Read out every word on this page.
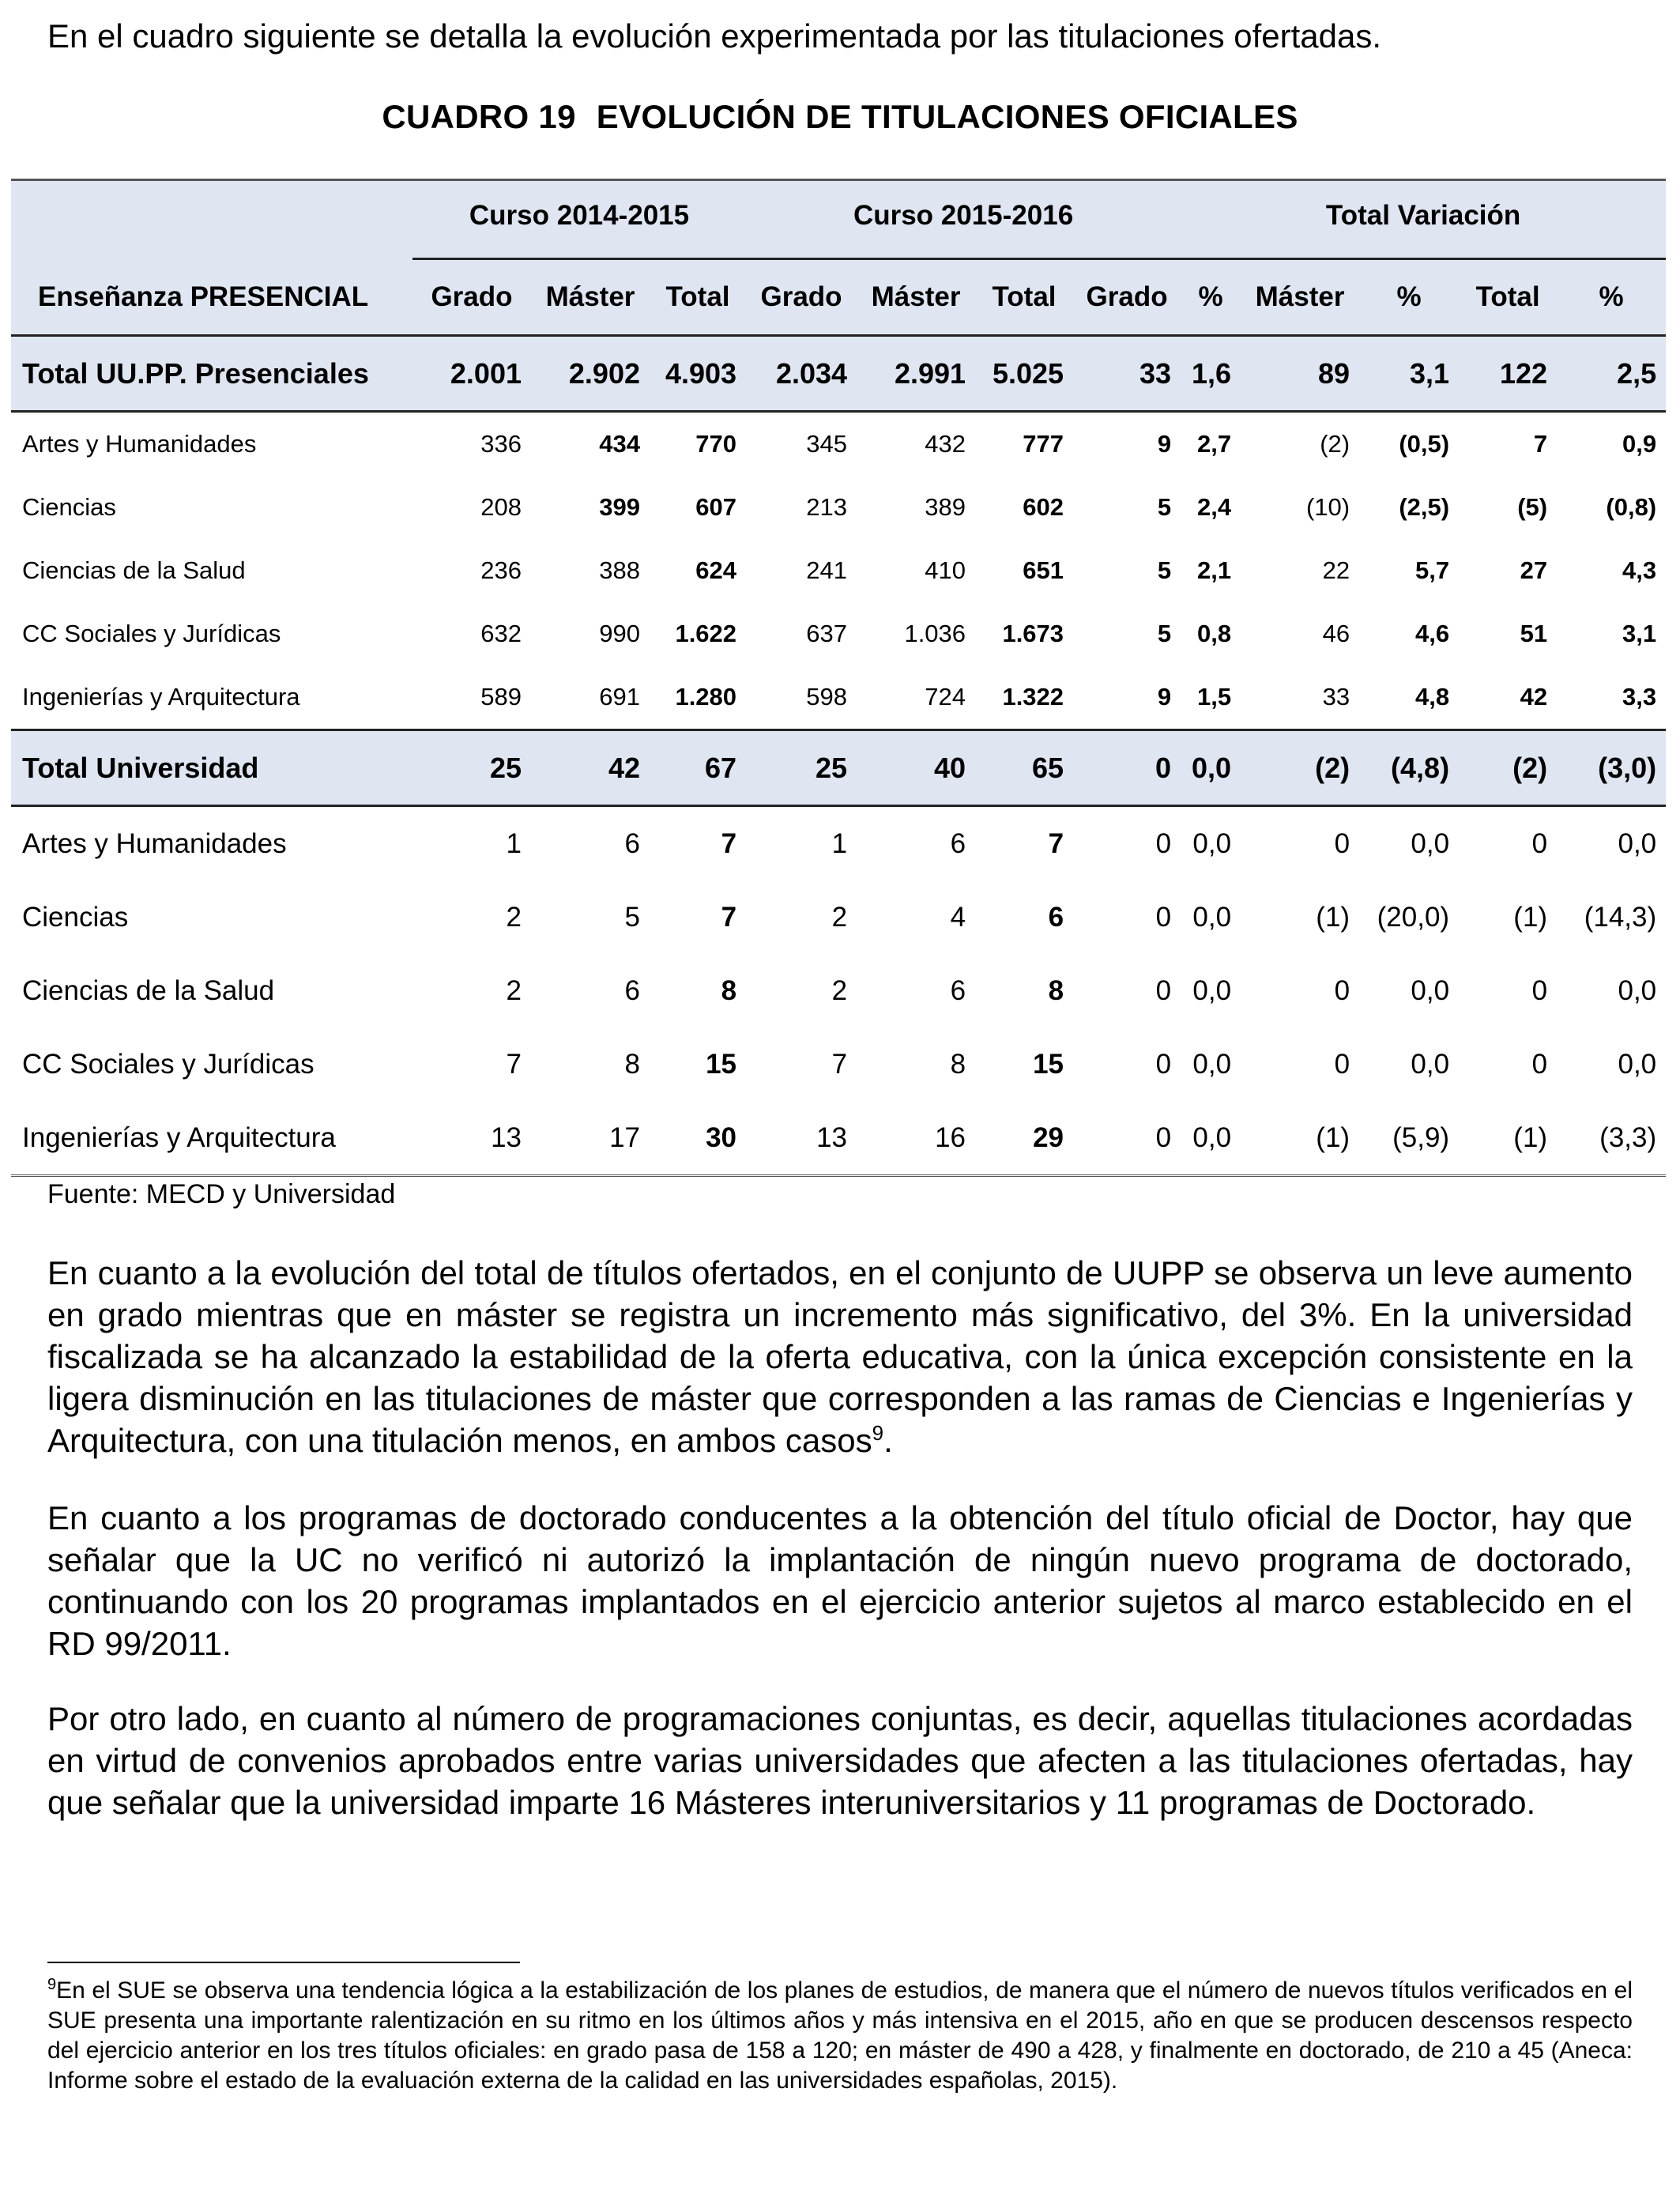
En el cuadro siguiente se detalla la evolución experimentada por las titulaciones ofertadas.

CUADRO 19 EVOLUCIÓN DE TITULACIONES OFICIALES

	Curso 2014-2015			Curso 2015-2016				Total Variación				

Enseñanza PRESENCIAL	Grado	Máster	Total	Grado	Máster	Total	Grado	%	Máster	%	Total	%
Total UU.PP. Presenciales	2.001	2.902	4.903	2.034	2.991	5.025	33	1,6	89	3,1	122	2,5
Artes y Humanidades	336	434	770	345	432	777	9	2,7	(2)	(0,5)	7	0,9
Ciencias	208	399	607	213	389	602	5	2,4	(10)	(2,5)	(5)	(0,8)
Ciencias de la Salud	236	388	624	241	410	651	5	2,1	22	5,7	27	4,3
CC Sociales y Jurídicas	632	990	1.622	637	1.036	1.673	5	0,8	46	4,6	51	3,1
Ingenierías y Arquitectura	589	691	1.280	598	724	1.322	9	1,5	33	4,8	42	3,3
Total Universidad	25	42	67	25	40	65	0	0,0	(2)	(4,8)	(2)	(3,0)
Artes y Humanidades	1	6	7	1	6	7	0	0,0	0	0,0	0	0,0
Ciencias	2	5	7	2	4	6	0	0,0	(1)	(20,0)	(1)	(14,3)
Ciencias de la Salud	2	6	8	2	6	8	0	0,0	0	0,0	0	0,0
CC Sociales y Jurídicas	7	8	15	7	8	15	0	0,0	0	0,0	0	0,0
Ingenierías y Arquitectura	13	17	30	13	16	29	0	0,0	(1)	(5,9)	(1)	(3,3)

Fuente: MECD y Universidad

En cuanto a la evolución del total de títulos ofertados, en el conjunto de UUPP se observa un leve aumento en grado mientras que en máster se registra un incremento más significativo, del 3%. En la universidad fiscalizada se ha alcanzado la estabilidad de la oferta educativa, con la única excepción consistente en la ligera disminución en las titulaciones de máster que corresponden a las ramas de Ciencias e Ingenierías y Arquitectura, con una titulación menos, en ambos casos$^9$.

En cuanto a los programas de doctorado conducentes a la obtención del título oficial de Doctor, hay que señalar que la UC no verificó ni autorizó la implantación de ningún nuevo programa de doctorado, continuando con los 20 programas implantados en el ejercicio anterior sujetos al marco establecido en el RD 99/2011.

Por otro lado, en cuanto al número de programaciones conjuntas, es decir, aquellas titulaciones acordadas en virtud de convenios aprobados entre varias universidades que afecten a las titulaciones ofertadas, hay que señalar que la universidad imparte 16 Másteres interuniversitarios y 11 programas de Doctorado.

$^9$En el SUE se observa una tendencia lógica a la estabilización de los planes de estudios, de manera que el número de nuevos títulos verificados en el SUE presenta una importante ralentización en su ritmo en los últimos años y más intensiva en el 2015, año en que se producen descensos respecto del ejercicio anterior en los tres títulos oficiales: en grado pasa de 158 a 120; en máster de 490 a 428, y finalmente en doctorado, de 210 a 45 (Aneca: Informe sobre el estado de la evaluación externa de la calidad en las universidades españolas, 2015).
